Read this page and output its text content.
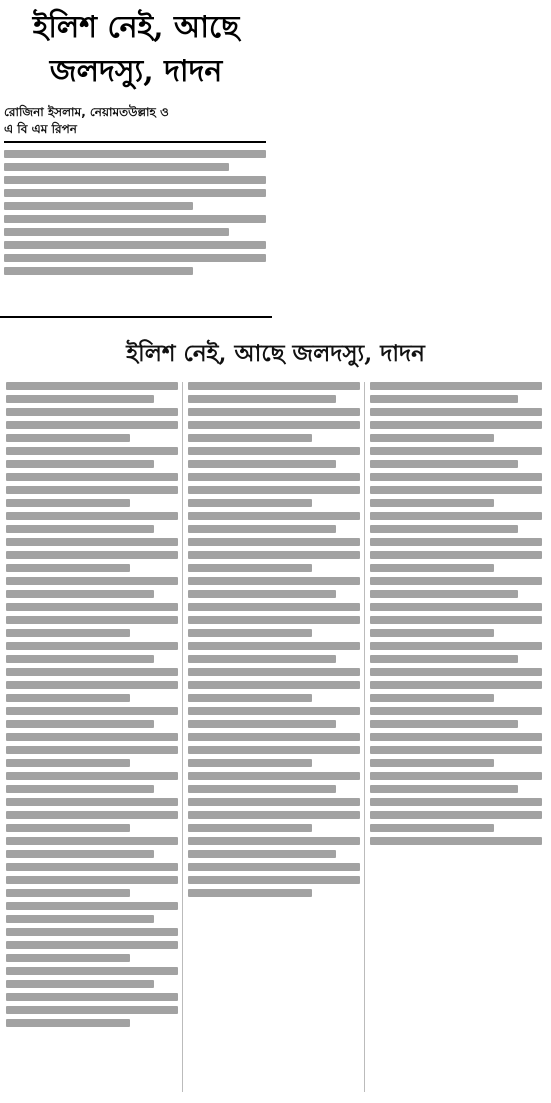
ইলিশ নেই, আছে
জলদস্যু, দাদন
রোজিনা ইসলাম, নেয়ামতউল্লাহ ও
এ বি এম রিপন
ইলিশ নেই, আছে জলদস্যু, দাদন
